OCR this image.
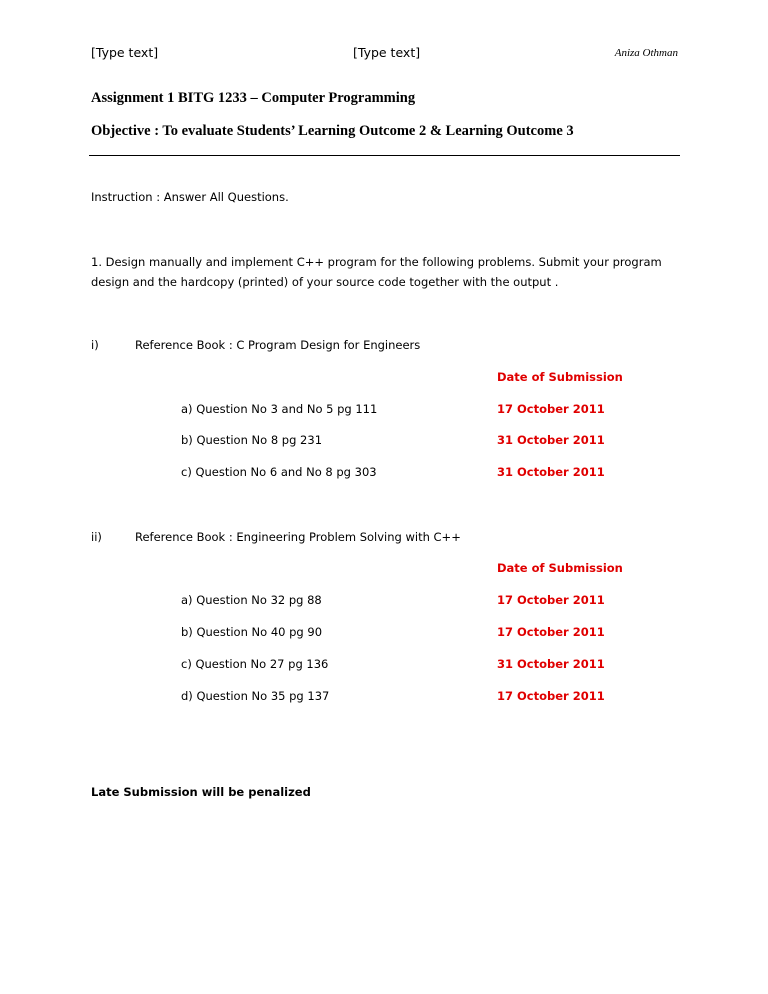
[Type text]	[Type text]	Aniza Othman
Assignment 1 BITG 1233 – Computer Programming
Objective : To evaluate Students’ Learning Outcome 2 & Learning Outcome 3
Instruction : Answer All Questions.
1. Design manually and implement C++ program for the following problems. Submit your program design and the hardcopy (printed) of your source code together with the output .
i)	Reference Book : C Program Design for Engineers
Date of Submission
a) Question No 3 and No 5 pg 111	17 October 2011
b) Question No 8 pg 231	31 October 2011
c) Question No 6 and No 8 pg 303	31 October 2011
ii)	Reference Book : Engineering Problem Solving with C++
Date of Submission
a) Question No 32 pg 88	17 October 2011
b) Question No 40 pg 90	17 October 2011
c) Question No 27 pg 136	31 October 2011
d) Question No 35 pg 137	17 October 2011
Late Submission will be penalized
